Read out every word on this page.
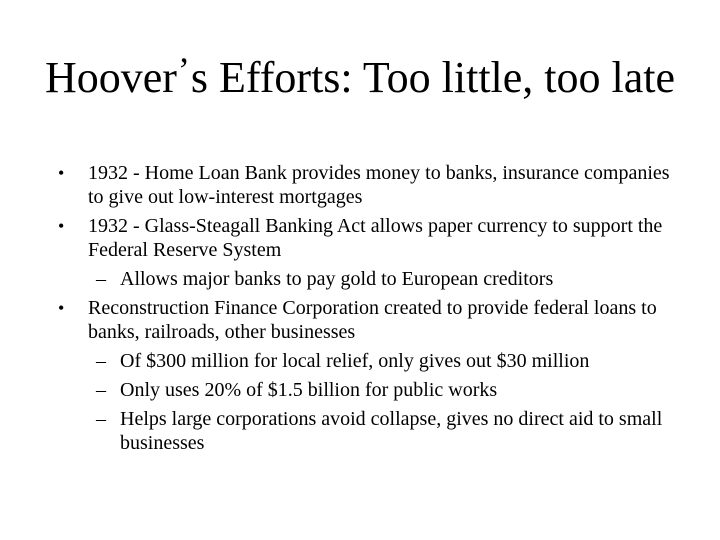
Hoover’s Efforts: Too little, too late

• 1932 - Home Loan Bank provides money to banks, insurance companies to give out low-interest mortgages

• 1932 - Glass-Steagall Banking Act allows paper currency to support the Federal Reserve System

– Allows major banks to pay gold to European creditors

• Reconstruction Finance Corporation created to provide federal loans to banks, railroads, other businesses

– Of $300 million for local relief, only gives out $30 million

– Only uses 20% of $1.5 billion for public works

– Helps large corporations avoid collapse, gives no direct aid to small businesses
